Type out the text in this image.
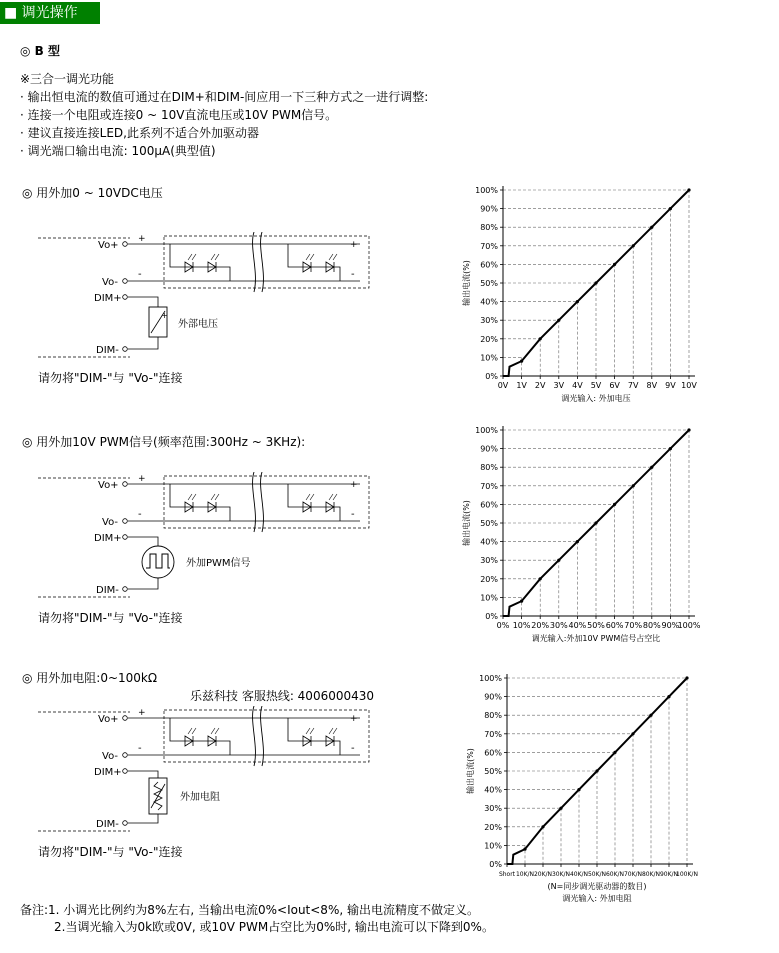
■ 调光操作
◎ B 型
※三合一调光功能
· 输出恒电流的数值可通过在DIM+和DIM-间应用一下三种方式之一进行调整:
· 连接一个电阻或连接0 ~ 10V直流电压或10V PWM信号。
· 建议直接连接LED,此系列不适合外加驱动器
· 调光端口输出电流: 100µA(典型值)
◎ 用外加0 ~ 10VDC电压
◎ 用外加10V PWM信号(频率范围:300Hz ~ 3KHz):
◎ 用外加电阻:0~100kΩ
乐兹科技 客服热线: 4006000430
Vo+
Vo-
DIM+
DIM-
+
-
+
-
+
外部电压
Vo+
Vo-
DIM+
DIM-
+
-
+
-
外加PWM信号
Vo+
Vo-
DIM+
DIM-
+
-
+
-
外加电阻
请勿将"DIM-"与 "Vo-"连接
请勿将"DIM-"与 "Vo-"连接
请勿将"DIM-"与 "Vo-"连接
0%
10%
20%
30%
40%
50%
60%
70%
80%
90%
100%
0V 1V 2V 3V 4V 5V 6V 7V 8V 9V 10V
输出电流(%)
调光输入: 外加电压
0%
10%
20%
30%
40%
50%
60%
70%
80%
90%
100%
0% 10% 20% 30% 40% 50% 60% 70% 80% 90%
100%
输出电流(%)
调光输入:外加10V PWM信号占空比
0%
10%
20%
30%
40%
50%
60%
70%
80%
90%
100%
Short 10K/N 20K/N 30K/N 40K/N 50K/N 60K/N 70K/N 80K/N 90K/N
100K/N
输出电流(%)
(N=同步调光驱动器的数目)
调光输入: 外加电阻
备注:1. 小调光比例约为8%左右, 当输出电流0%<Iout<8%, 输出电流精度不做定义。
2.当调光输入为0k欧或0V, 或10V PWM占空比为0%时, 输出电流可以下降到0%。
